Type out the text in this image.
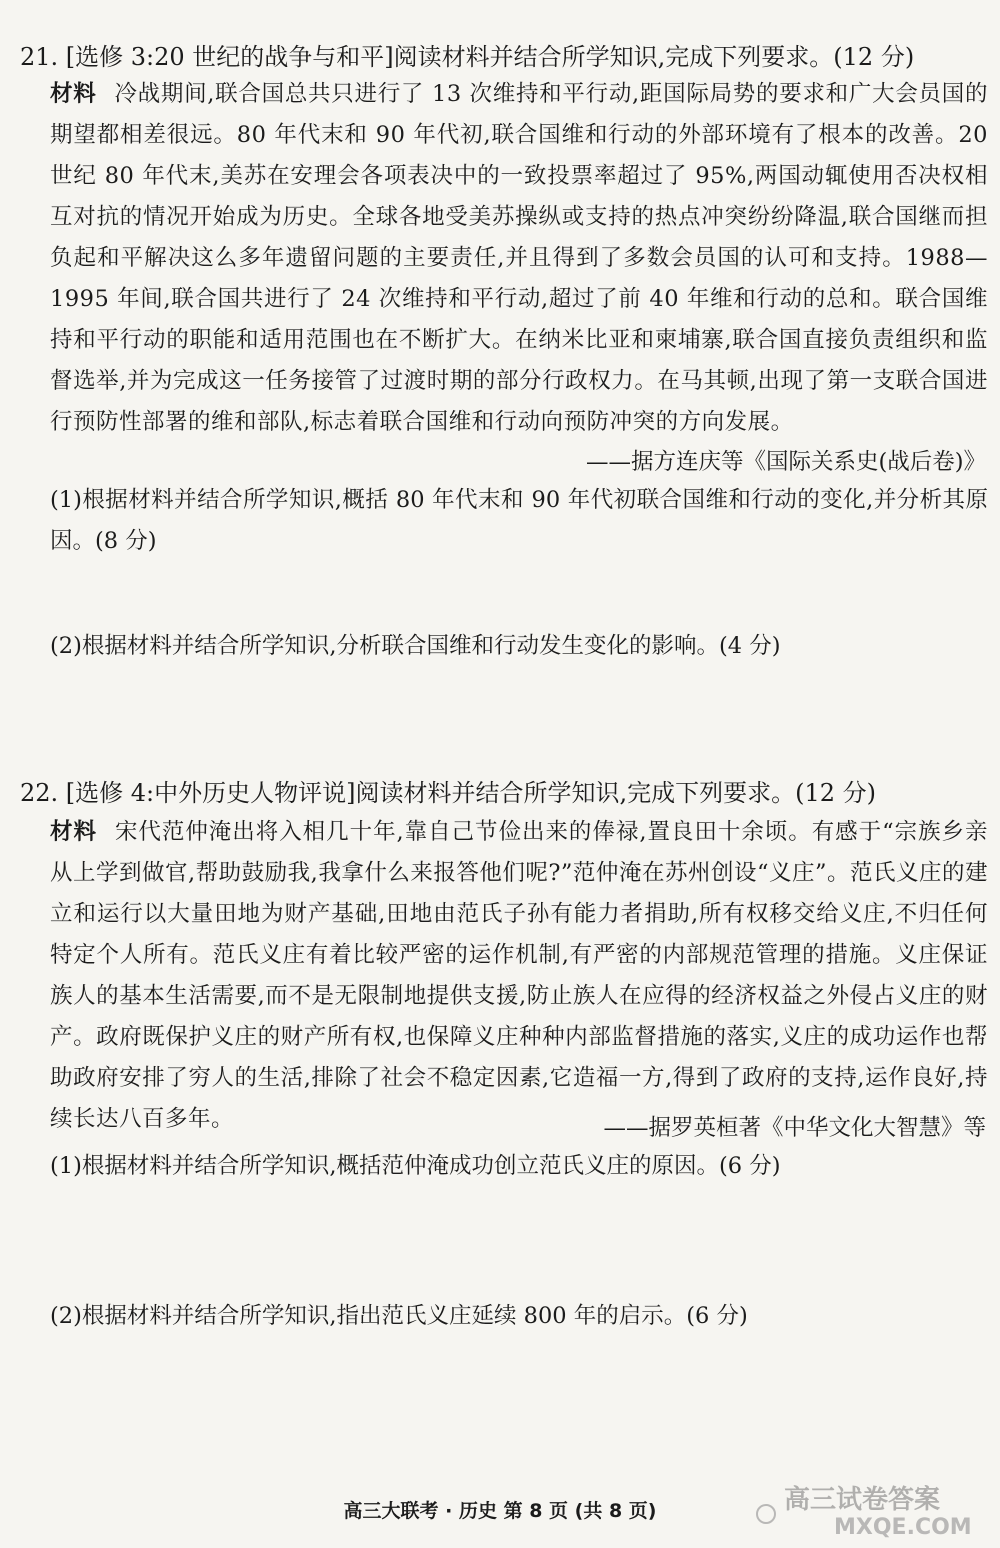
21. [选修 3:20 世纪的战争与和平]阅读材料并结合所学知识,完成下列要求。(12 分)
材料 冷战期间,联合国总共只进行了 13 次维持和平行动,距国际局势的要求和广大会员国的期望都相差很远。80 年代末和 90 年代初,联合国维和行动的外部环境有了根本的改善。20 世纪 80 年代末,美苏在安理会各项表决中的一致投票率超过了 95%,两国动辄使用否决权相互对抗的情况开始成为历史。全球各地受美苏操纵或支持的热点冲突纷纷降温,联合国继而担负起和平解决这么多年遗留问题的主要责任,并且得到了多数会员国的认可和支持。1988—1995 年间,联合国共进行了 24 次维持和平行动,超过了前 40 年维和行动的总和。联合国维持和平行动的职能和适用范围也在不断扩大。在纳米比亚和柬埔寨,联合国直接负责组织和监督选举,并为完成这一任务接管了过渡时期的部分行政权力。在马其顿,出现了第一支联合国进行预防性部署的维和部队,标志着联合国维和行动向预防冲突的方向发展。
——据方连庆等《国际关系史(战后卷)》
(1)根据材料并结合所学知识,概括 80 年代末和 90 年代初联合国维和行动的变化,并分析其原因。(8 分)
(2)根据材料并结合所学知识,分析联合国维和行动发生变化的影响。(4 分)
22. [选修 4:中外历史人物评说]阅读材料并结合所学知识,完成下列要求。(12 分)
材料 宋代范仲淹出将入相几十年,靠自己节俭出来的俸禄,置良田十余顷。有感于“宗族乡亲从上学到做官,帮助鼓励我,我拿什么来报答他们呢?”范仲淹在苏州创设“义庄”。范氏义庄的建立和运行以大量田地为财产基础,田地由范氏子孙有能力者捐助,所有权移交给义庄,不归任何特定个人所有。范氏义庄有着比较严密的运作机制,有严密的内部规范管理的措施。义庄保证族人的基本生活需要,而不是无限制地提供支援,防止族人在应得的经济权益之外侵占义庄的财产。政府既保护义庄的财产所有权,也保障义庄种种内部监督措施的落实,义庄的成功运作也帮助政府安排了穷人的生活,排除了社会不稳定因素,它造福一方,得到了政府的支持,运作良好,持续长达八百多年。	——据罗英桓著《中华文化大智慧》等
(1)根据材料并结合所学知识,概括范仲淹成功创立范氏义庄的原因。(6 分)
(2)根据材料并结合所学知识,指出范氏义庄延续 800 年的启示。(6 分)
高三大联考 · 历史 第 8 页 (共 8 页)	高三试卷答案
MXQE.COM
